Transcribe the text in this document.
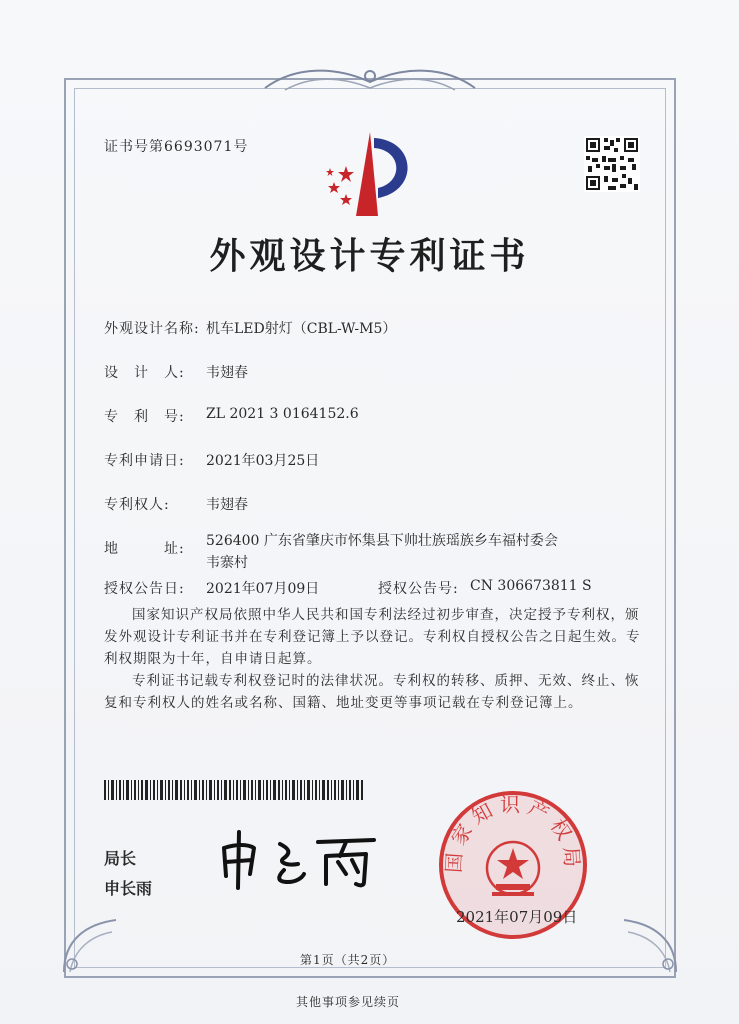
证书号第6693071号
外观设计专利证书
外观设计名称: 机车LED射灯（CBL-W-M5）
设　计　人: 韦翅春
专　利　号: ZL 2021 3 0164152.6
专利申请日: 2021年03月25日
专利权人:	韦翅春
地　　　址: 526400 广东省肇庆市怀集县下帅壮族瑶族乡车福村委会
韦寨村
授权公告日: 2021年07月09日	授权公告号: CN 306673811 S
国家知识产权局依照中华人民共和国专利法经过初步审查，决定授予专利权，颁发外观设计专利证书并在专利登记簿上予以登记。专利权自授权公告之日起生效。专利权期限为十年，自申请日起算。
专利证书记载专利权登记时的法律状况。专利权的转移、质押、无效、终止、恢复和专利权人的姓名或名称、国籍、地址变更等事项记载在专利登记簿上。
局长
申长雨
国家知识产权局
2021年07月09日
第1页（共2页）
其他事项参见续页
